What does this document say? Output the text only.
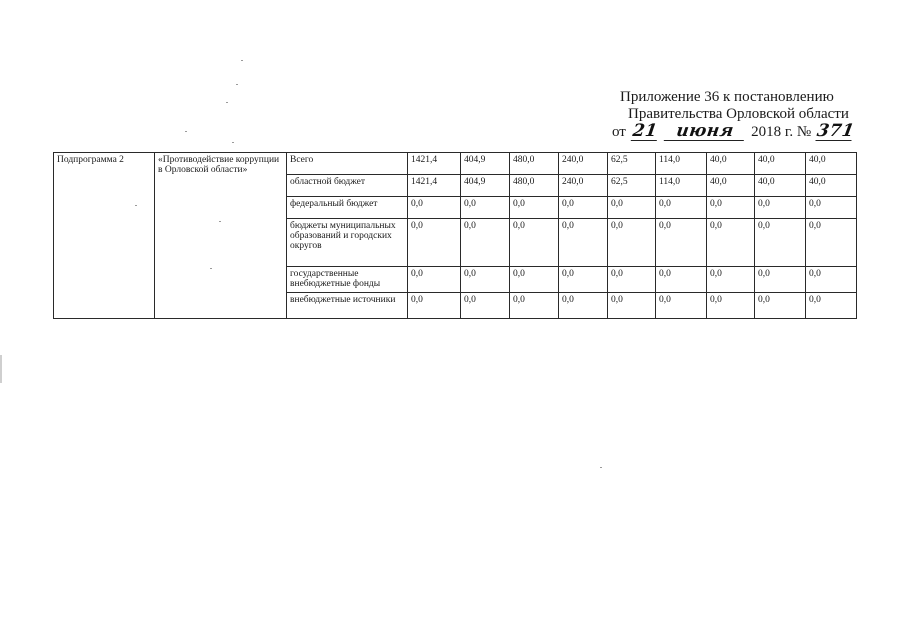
Приложение 36 к постановлению
Правительства Орловской области
от 21 июня 2018 г. № 371
Подпрограмма 2	«Противодействие коррупции в Орловской области»	Всего	1421,4	404,9	480,0	240,0	62,5	114,0	40,0	40,0	40,0
		областной бюджет	1421,4	404,9	480,0	240,0	62,5	114,0	40,0	40,0	40,0
		федеральный бюджет	0,0	0,0	0,0	0,0	0,0	0,0	0,0	0,0	0,0
		бюджеты муниципальных образований и городских округов	0,0	0,0	0,0	0,0	0,0	0,0	0,0	0,0	0,0
		государственные внебюджетные фонды	0,0	0,0	0,0	0,0	0,0	0,0	0,0	0,0	0,0
		внебюджетные источники	0,0	0,0	0,0	0,0	0,0	0,0	0,0	0,0	0,0
